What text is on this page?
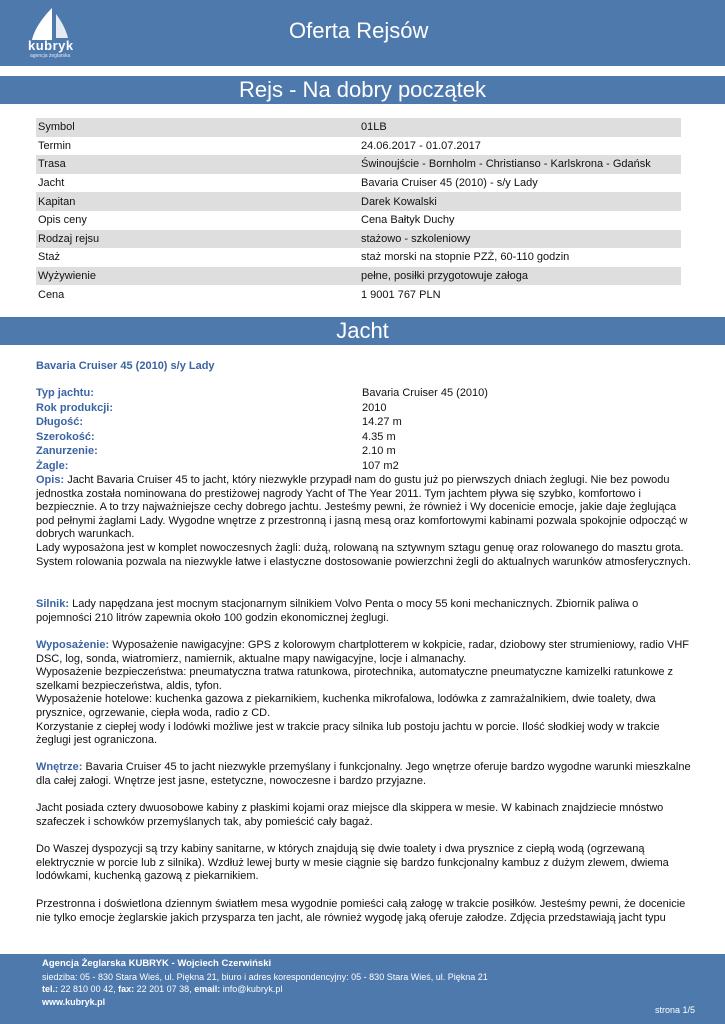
kubryk
agencja żeglarska
Oferta Rejsów
Rejs - Na dobry początek
Symbol	01LB
Termin	24.06.2017 - 01.07.2017
Trasa	Świnoujście - Bornholm - Christianso - Karlskrona - Gdańsk
Jacht	Bavaria Cruiser 45 (2010) - s/y Lady
Kapitan	Darek Kowalski
Opis ceny	Cena Bałtyk Duchy
Rodzaj rejsu	stażowo - szkoleniowy
Staż	staż morski na stopnie PZŻ, 60-110 godzin
Wyżywienie	pełne, posiłki przygotowuje załoga
Cena	1 9001 767 PLN
Jacht
Bavaria Cruiser 45 (2010) s/y Lady
Typ jachtu:	Bavaria Cruiser 45 (2010)
Rok produkcji:	2010
Długość:	14.27 m
Szerokość:	4.35 m
Zanurzenie:	2.10 m
Żagle:	107 m2
Opis: Jacht Bavaria Cruiser 45 to jacht, który niezwykle przypadł nam do gustu już po pierwszych dniach żeglugi. Nie bez powodu jednostka została nominowana do prestiżowej nagrody Yacht of The Year 2011. Tym jachtem pływa się szybko, komfortowo i bezpiecznie. A to trzy najważniejsze cechy dobrego jachtu. Jesteśmy pewni, że również i Wy docenicie emocje, jakie daje żeglująca pod pełnymi żaglami Lady. Wygodne wnętrze z przestronną i jasną mesą oraz komfortowymi kabinami pozwala spokojnie odpocząć w dobrych warunkach.
Lady wyposażona jest w komplet nowoczesnych żagli: dużą, rolowaną na sztywnym sztagu genuę oraz rolowanego do masztu grota. System rolowania pozwala na niezwykle łatwe i elastyczne dostosowanie powierzchni żegli do aktualnych warunków atmosferycznych.
Silnik: Lady napędzana jest mocnym stacjonarnym silnikiem Volvo Penta o mocy 55 koni mechanicznych. Zbiornik paliwa o pojemności 210 litrów zapewnia około 100 godzin ekonomicznej żeglugi.
Wyposażenie: Wyposażenie nawigacyjne: GPS z kolorowym chartplotterem w kokpicie, radar, dziobowy ster strumieniowy, radio VHF DSC, log, sonda, wiatromierz, namiernik, aktualne mapy nawigacyjne, locje i almanachy.
Wyposażenie bezpieczeństwa: pneumatyczna tratwa ratunkowa, pirotechnika, automatyczne pneumatyczne kamizelki ratunkowe z szelkami bezpieczeństwa, aldis, tyfon.
Wyposażenie hotelowe: kuchenka gazowa z piekarnikiem, kuchenka mikrofalowa, lodówka z zamrażalnikiem, dwie toalety, dwa prysznice, ogrzewanie, ciepła woda, radio z CD.
Korzystanie z ciepłej wody i lodówki możliwe jest w trakcie pracy silnika lub postoju jachtu w porcie. Ilość słodkiej wody w trakcie żeglugi jest ograniczona.
Wnętrze: Bavaria Cruiser 45 to jacht niezwykle przemyślany i funkcjonalny. Jego wnętrze oferuje bardzo wygodne warunki mieszkalne dla całej załogi. Wnętrze jest jasne, estetyczne, nowoczesne i bardzo przyjazne.
Jacht posiada cztery dwuosobowe kabiny z płaskimi kojami oraz miejsce dla skippera w mesie. W kabinach znajdziecie mnóstwo szafeczek i schowków przemyślanych tak, aby pomieścić cały bagaż.
Do Waszej dyspozycji są trzy kabiny sanitarne, w których znajdują się dwie toalety i dwa prysznice z ciepłą wodą (ogrzewaną elektrycznie w porcie lub z silnika). Wzdłuż lewej burty w mesie ciągnie się bardzo funkcjonalny kambuz z dużym zlewem, dwiema lodówkami, kuchenką gazową z piekarnikiem.
Przestronna i doświetlona dziennym światłem mesa wygodnie pomieści całą załogę w trakcie posiłków. Jesteśmy pewni, że docenicie nie tylko emocje żeglarskie jakich przysparza ten jacht, ale również wygodę jaką oferuje załodze. Zdjęcia przedstawiają jacht typu
Agencja Żeglarska KUBRYK - Wojciech Czerwiński
siedziba: 05 - 830 Stara Wieś, ul. Piękna 21, biuro i adres korespondencyjny: 05 - 830 Stara Wieś, ul. Piękna 21
tel.: 22 810 00 42, fax: 22 201 07 38, email: info@kubryk.pl
www.kubryk.pl
strona 1/5
